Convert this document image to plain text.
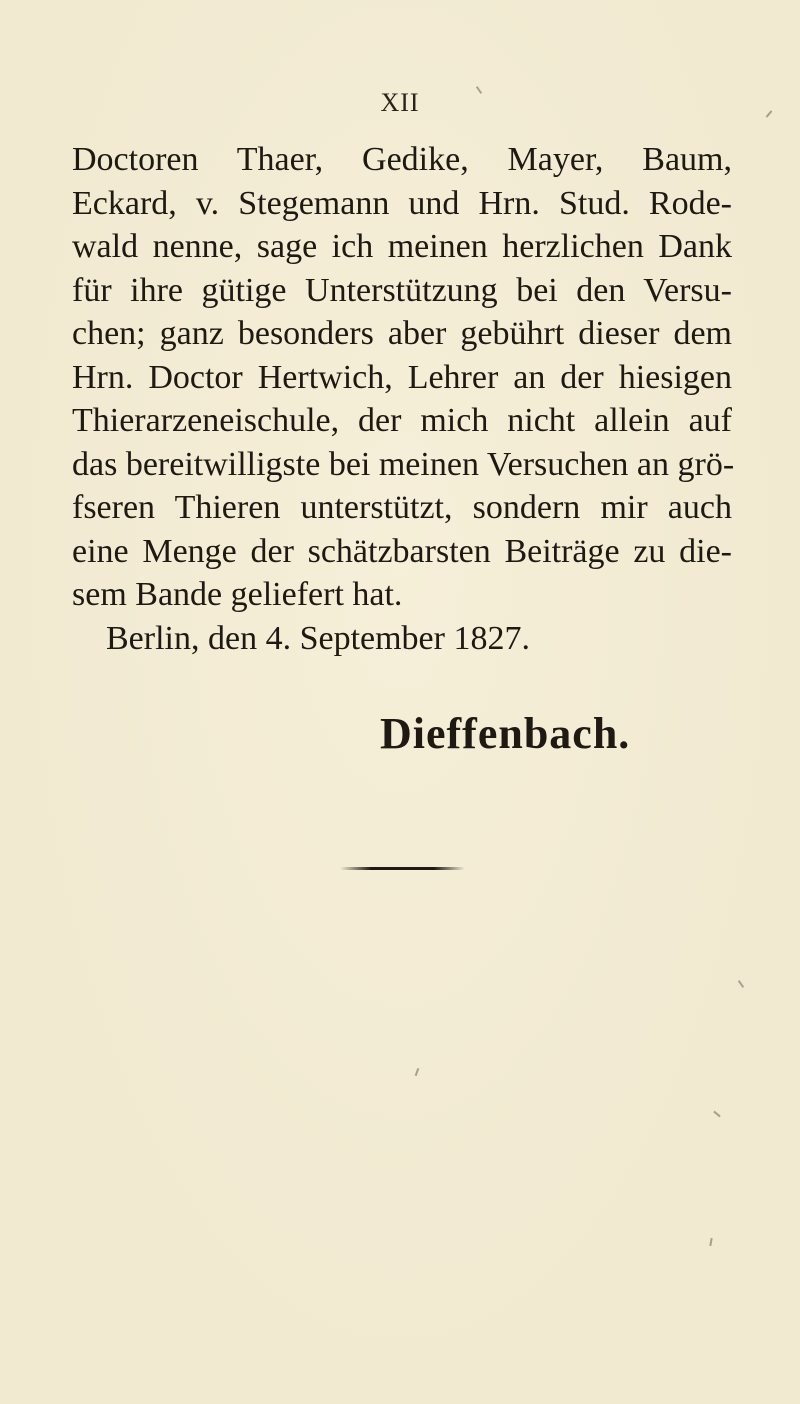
XII
Doctoren Thaer, Gedike, Mayer, Baum,
Eckard, v. Stegemann und Hrn. Stud. Rode-
wald nenne, sage ich meinen herzlichen Dank
für ihre gütige Unterstützung bei den Versu-
chen; ganz besonders aber gebührt dieser dem
Hrn. Doctor Hertwich, Lehrer an der hiesigen
Thierarzeneischule, der mich nicht allein auf
das bereitwilligste bei meinen Versuchen an grö-
fseren Thieren unterstützt, sondern mir auch
eine Menge der schätzbarsten Beiträge zu die-
sem Bande geliefert hat.
Berlin, den 4. September 1827.
Dieffenbach.
